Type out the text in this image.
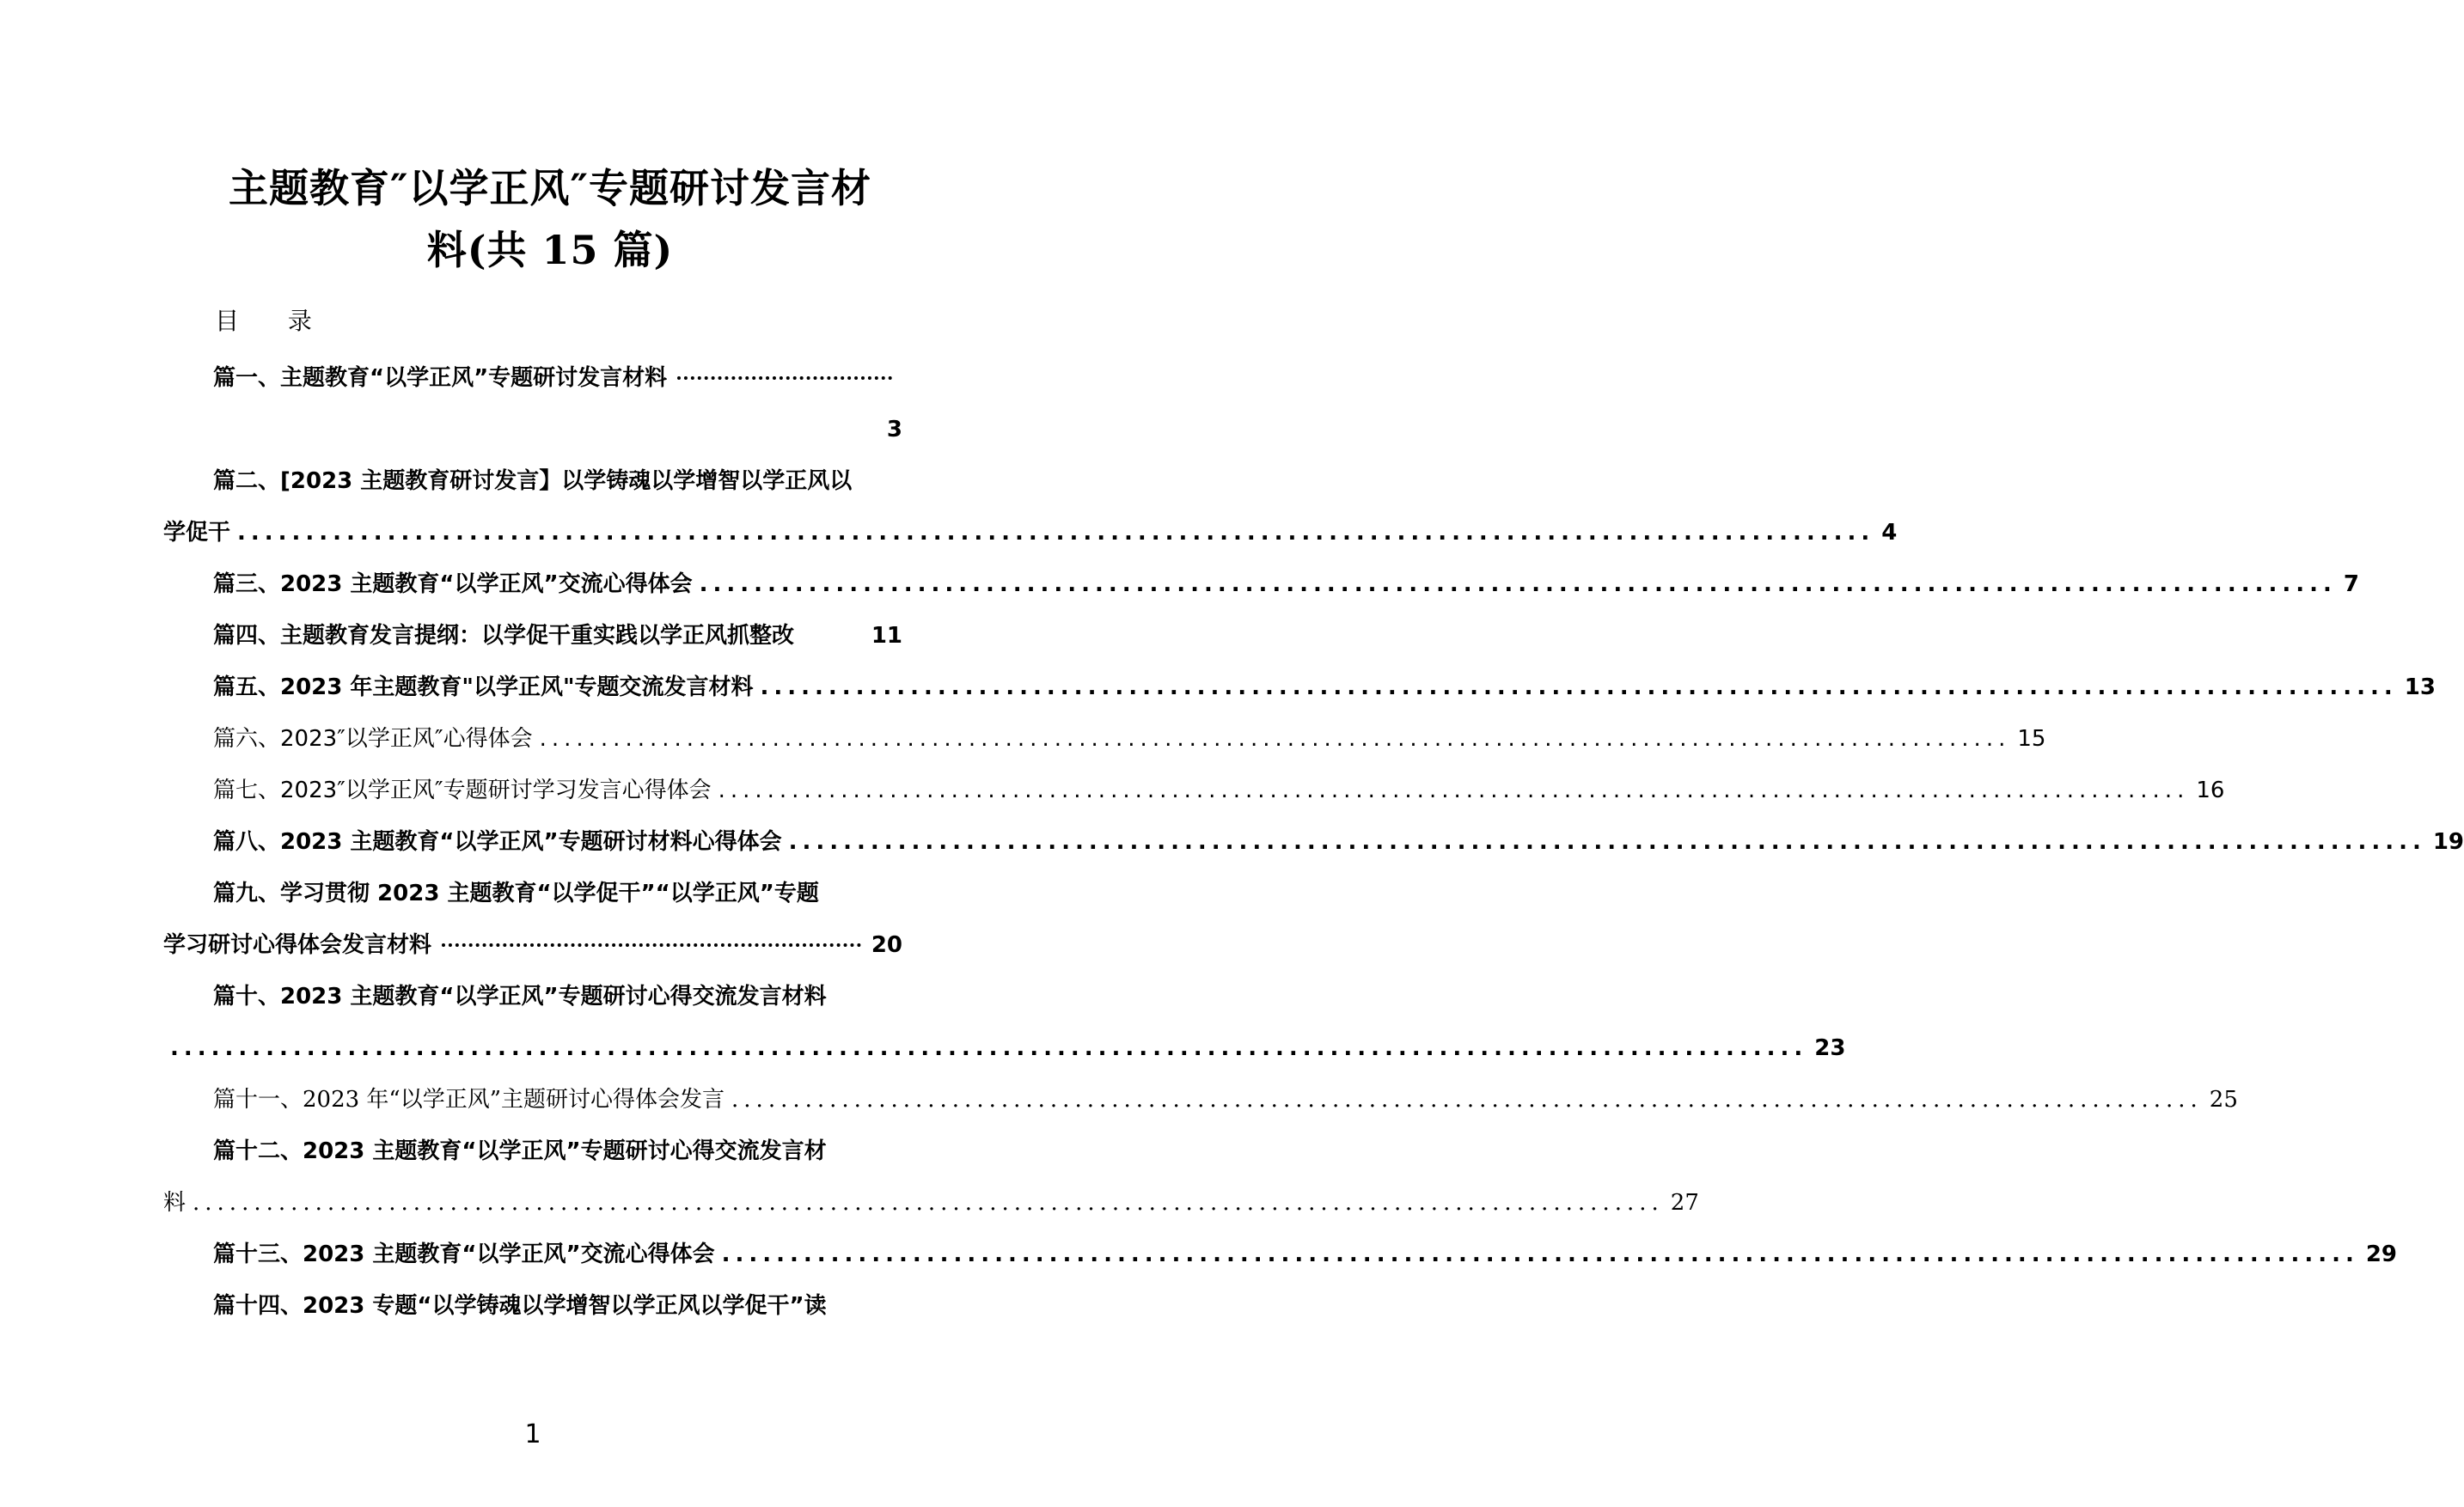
主题教育″以学正风″专题研讨发言材
料(共 15 篇)
目 录
篇一、主题教育“以学正风”专题研讨发言材料
3
篇二、[2023 主题教育研讨发言】以学铸魂以学增智以学正风以
学促干 ........................................................................................................................ 4
篇三、2023 主题教育“以学正风”交流心得体会 ........................................................................................................................ 7
篇四、主题教育发言提纲：以学促干重实践以学正风抓整改	11
篇五、2023 年主题教育"以学正风"专题交流发言材料 ........................................................................................................................ 13
篇六、2023″以学正风″心得体会 ........................................................................................................................ 15
篇七、2023″以学正风″专题研讨学习发言心得体会 ........................................................................................................................ 16
篇八、2023 主题教育“以学正风”专题研讨材料心得体会 ........................................................................................................................ 19
篇九、学习贯彻 2023 主题教育“以学促干”“以学正风”专题
学习研讨心得体会发言材料	20
篇十、2023 主题教育“以学正风”专题研讨心得交流发言材料
........................................................................................................................ 23
篇十一、2023 年“以学正风”主题研讨心得体会发言 ........................................................................................................................ 25
篇十二、2023 主题教育“以学正风”专题研讨心得交流发言材
料 ........................................................................................................................ 27
篇十三、2023 主题教育“以学正风”交流心得体会 ........................................................................................................................ 29
篇十四、2023 专题“以学铸魂以学增智以学正风以学促干”读
1
